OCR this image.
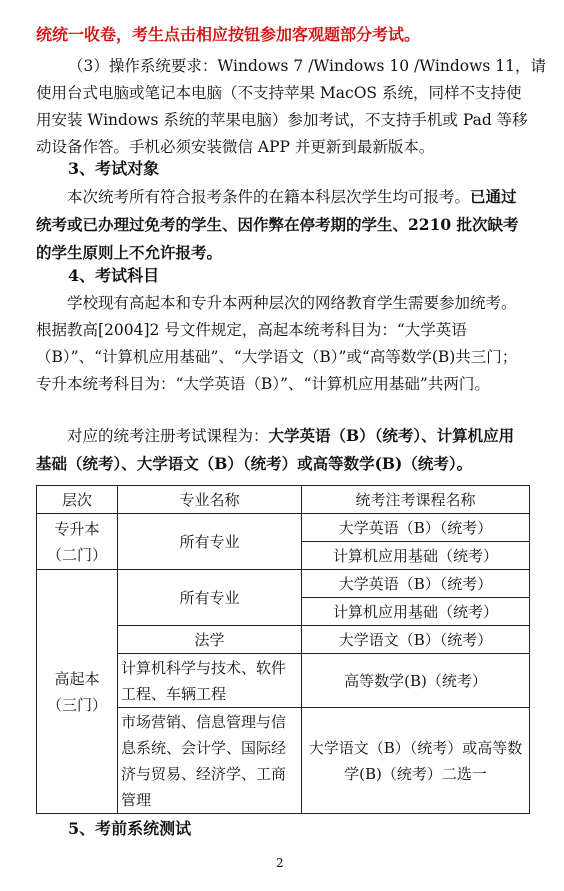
统统一收卷，考生点击相应按钮参加客观题部分考试。
（3）操作系统要求：Windows 7 /Windows 10 /Windows 11，请
使用台式电脑或笔记本电脑（不支持苹果 MacOS 系统，同样不支持使
用安装 Windows 系统的苹果电脑）参加考试，不支持手机或 Pad 等移
动设备作答。手机必须安装微信 APP 并更新到最新版本。
3、考试对象

本次统考所有符合报考条件的在籍本科层次学生均可报考。已通过统考或已办理过免考的学生、因作弊在停考期的学生、2210 批次缺考的学生原则上不允许报考。

4、考试科目

学校现有高起本和专升本两种层次的网络教育学生需要参加统考。根据教高[2004]2 号文件规定，高起本统考科目为：“大学英语（B）”、“计算机应用基础”、“大学语文（B）”或“高等数学(B)共三门；专升本统考科目为：“大学英语（B）”、“计算机应用基础”共两门。

对应的统考注册考试课程为：大学英语（B）（统考）、计算机应用基础（统考）、大学语文（B）（统考）或高等数学(B)（统考）。

层次	专业名称	统考注考课程名称
专升本
（二门）	所有专业	大学英语（B）（统考）
		计算机应用基础（统考）
高起本
（三门）	所有专业	大学英语（B）（统考）
		计算机应用基础（统考）
	法学	大学语文（B）（统考）
	计算机科学与技术、软件工程、车辆工程	高等数学(B)（统考）
	市场营销、信息管理与信息系统、会计学、国际经济与贸易、经济学、工商管理	大学语文（B）（统考）或高等数学(B)（统考）二选一
5、考前系统测试
2
